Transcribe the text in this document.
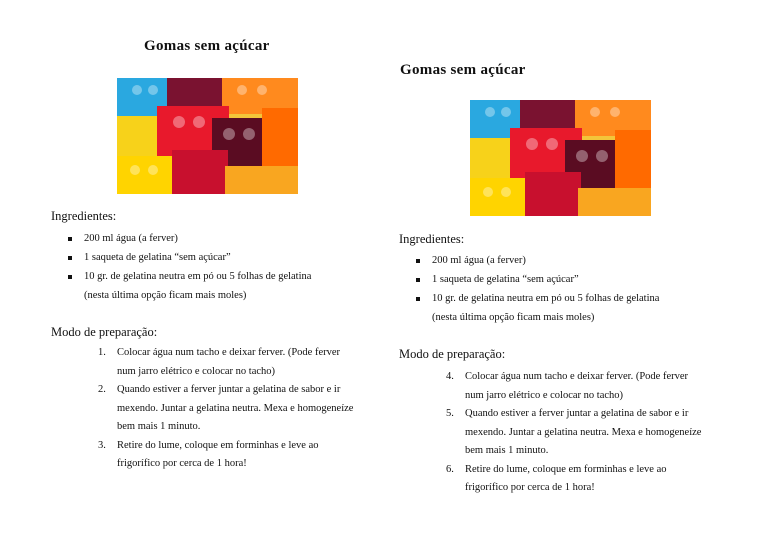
Gomas sem açúcar
Ingredientes:
200 ml água (a ferver)
1 saqueta de gelatina “sem açúcar”
10 gr. de gelatina neutra em pó ou 5 folhas de gelatina
(nesta última opção ficam mais moles)
Modo de preparação:
1. Colocar água num tacho e deixar ferver. (Pode ferver num jarro elétrico e colocar no tacho)
2. Quando estiver a ferver juntar a gelatina de sabor e ir mexendo. Juntar a gelatina neutra. Mexa e homogeneíze bem mais 1 minuto.
3. Retire do lume, coloque em forminhas e leve ao frigorífico por cerca de 1 hora!
Gomas sem açúcar
Ingredientes:
200 ml água (a ferver)
1 saqueta de gelatina “sem açúcar”
10 gr. de gelatina neutra em pó ou 5 folhas de gelatina
(nesta última opção ficam mais moles)
Modo de preparação:
4. Colocar água num tacho e deixar ferver. (Pode ferver num jarro elétrico e colocar no tacho)
5. Quando estiver a ferver juntar a gelatina de sabor e ir mexendo. Juntar a gelatina neutra. Mexa e homogeneíze bem mais 1 minuto.
6. Retire do lume, coloque em forminhas e leve ao frigorífico por cerca de 1 hora!
